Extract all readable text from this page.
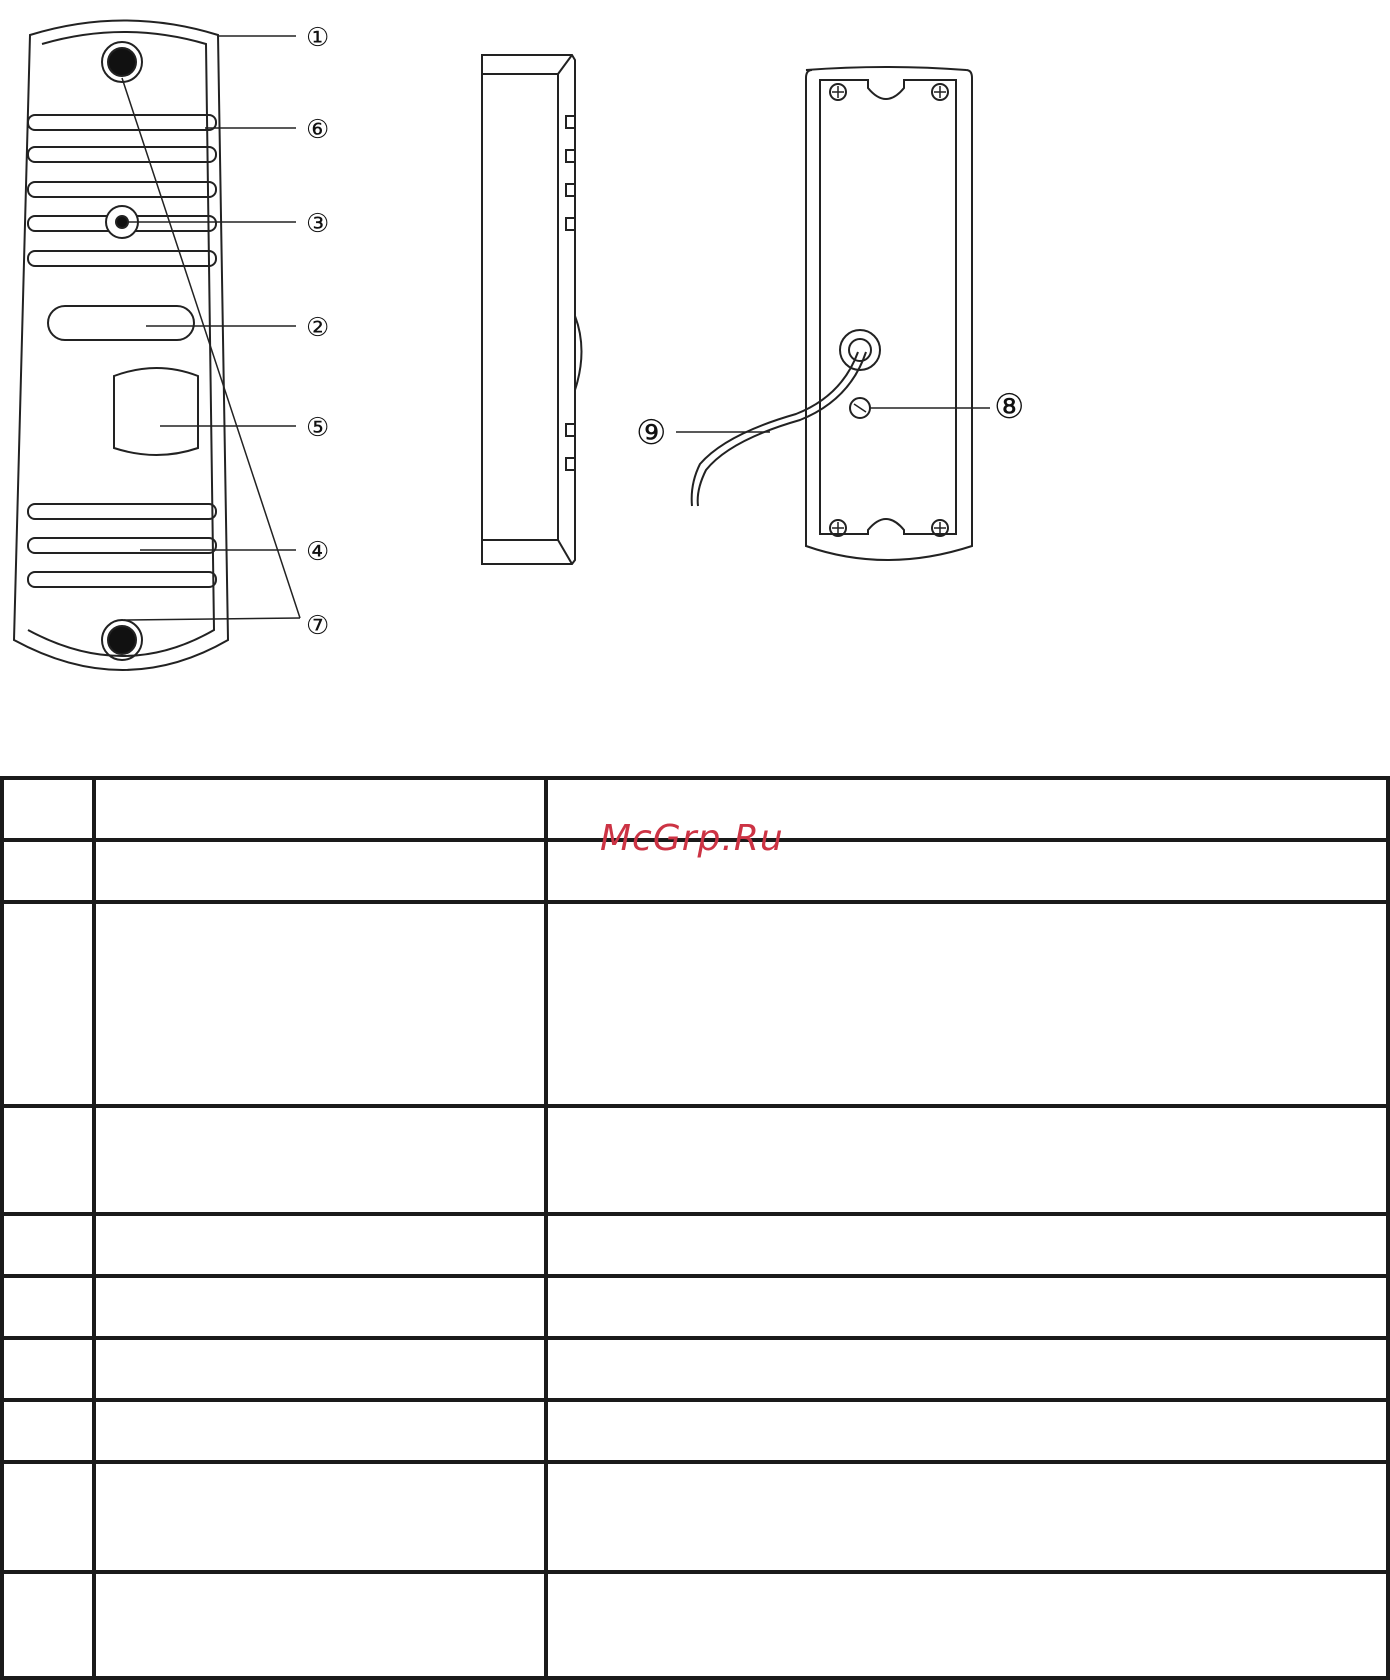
①
⑥
③
②
⑤
④
⑦
⑧
⑨

McGrp.Ru
